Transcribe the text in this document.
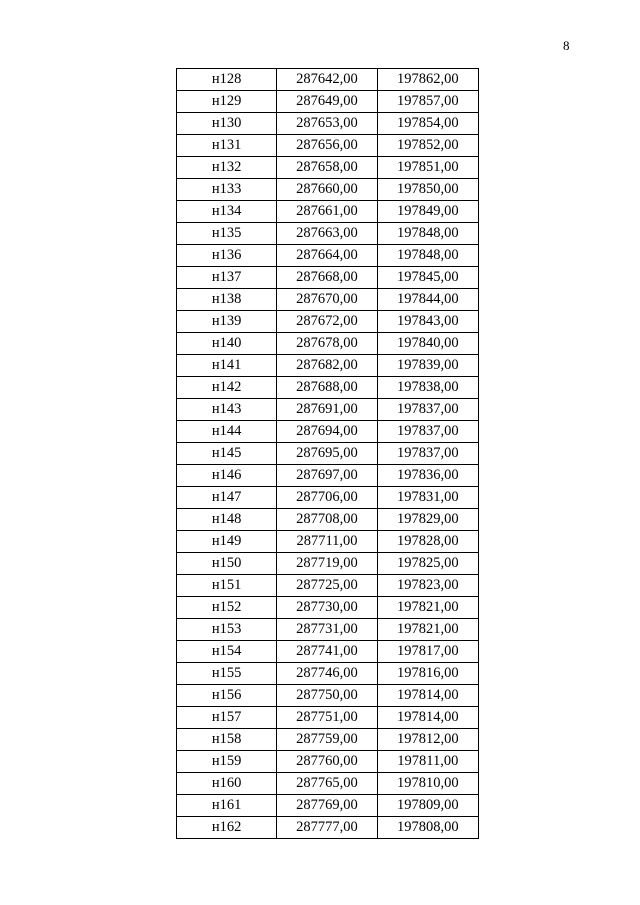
8
н128	287642,00	197862,00
н129	287649,00	197857,00
н130	287653,00	197854,00
н131	287656,00	197852,00
н132	287658,00	197851,00
н133	287660,00	197850,00
н134	287661,00	197849,00
н135	287663,00	197848,00
н136	287664,00	197848,00
н137	287668,00	197845,00
н138	287670,00	197844,00
н139	287672,00	197843,00
н140	287678,00	197840,00
н141	287682,00	197839,00
н142	287688,00	197838,00
н143	287691,00	197837,00
н144	287694,00	197837,00
н145	287695,00	197837,00
н146	287697,00	197836,00
н147	287706,00	197831,00
н148	287708,00	197829,00
н149	287711,00	197828,00
н150	287719,00	197825,00
н151	287725,00	197823,00
н152	287730,00	197821,00
н153	287731,00	197821,00
н154	287741,00	197817,00
н155	287746,00	197816,00
н156	287750,00	197814,00
н157	287751,00	197814,00
н158	287759,00	197812,00
н159	287760,00	197811,00
н160	287765,00	197810,00
н161	287769,00	197809,00
н162	287777,00	197808,00
